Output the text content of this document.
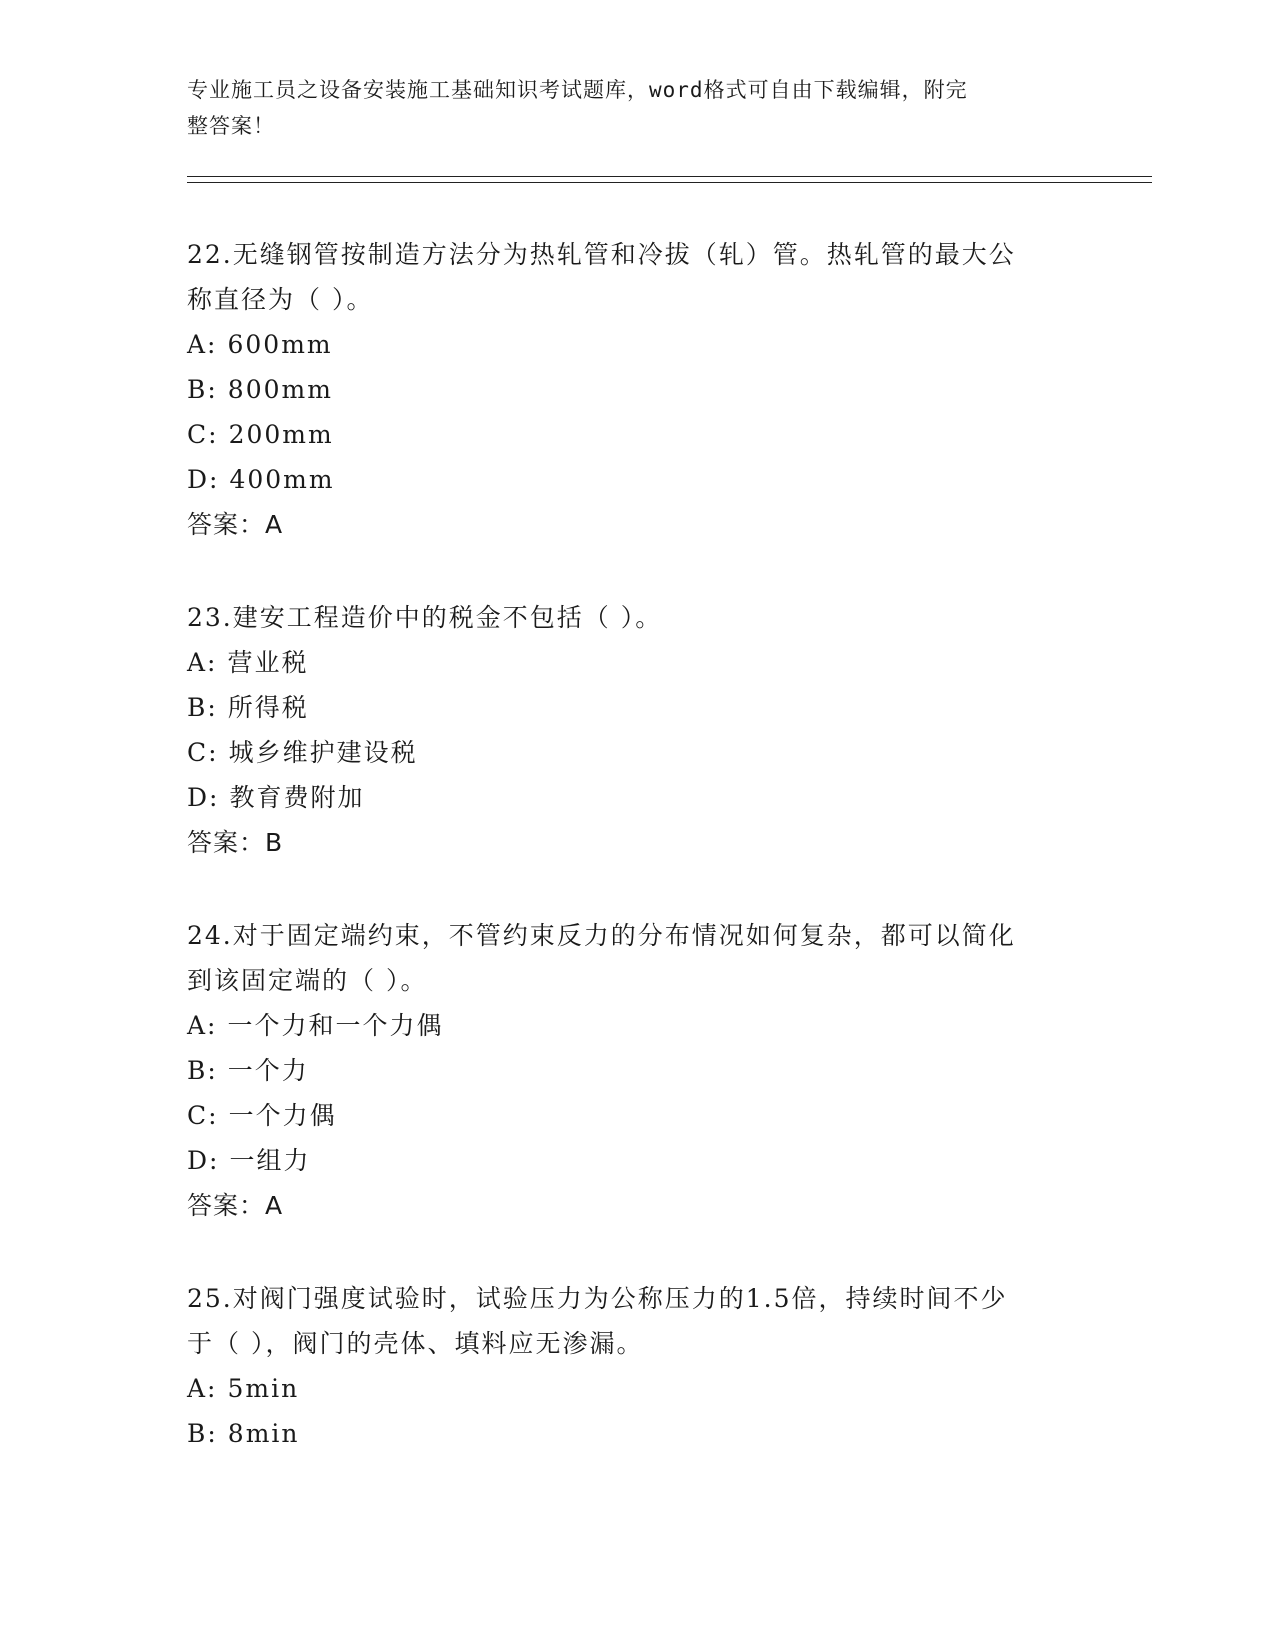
专业施工员之设备安装施工基础知识考试题库，word格式可自由下载编辑，附完
整答案！

22.无缝钢管按制造方法分为热轧管和冷拔（轧）管。热轧管的最大公
称直径为（ ）。

A: 600mm

B: 800mm

C: 200mm

D: 400mm

答案：A

23.建安工程造价中的税金不包括（ ）。

A: 营业税

B: 所得税

C: 城乡维护建设税

D: 教育费附加

答案：B

24.对于固定端约束，不管约束反力的分布情况如何复杂，都可以简化
到该固定端的（ ）。

A: 一个力和一个力偶

B: 一个力

C: 一个力偶

D: 一组力

答案：A

25.对阀门强度试验时，试验压力为公称压力的1.5倍，持续时间不少
于（ ），阀门的壳体、填料应无渗漏。

A: 5min

B: 8min
